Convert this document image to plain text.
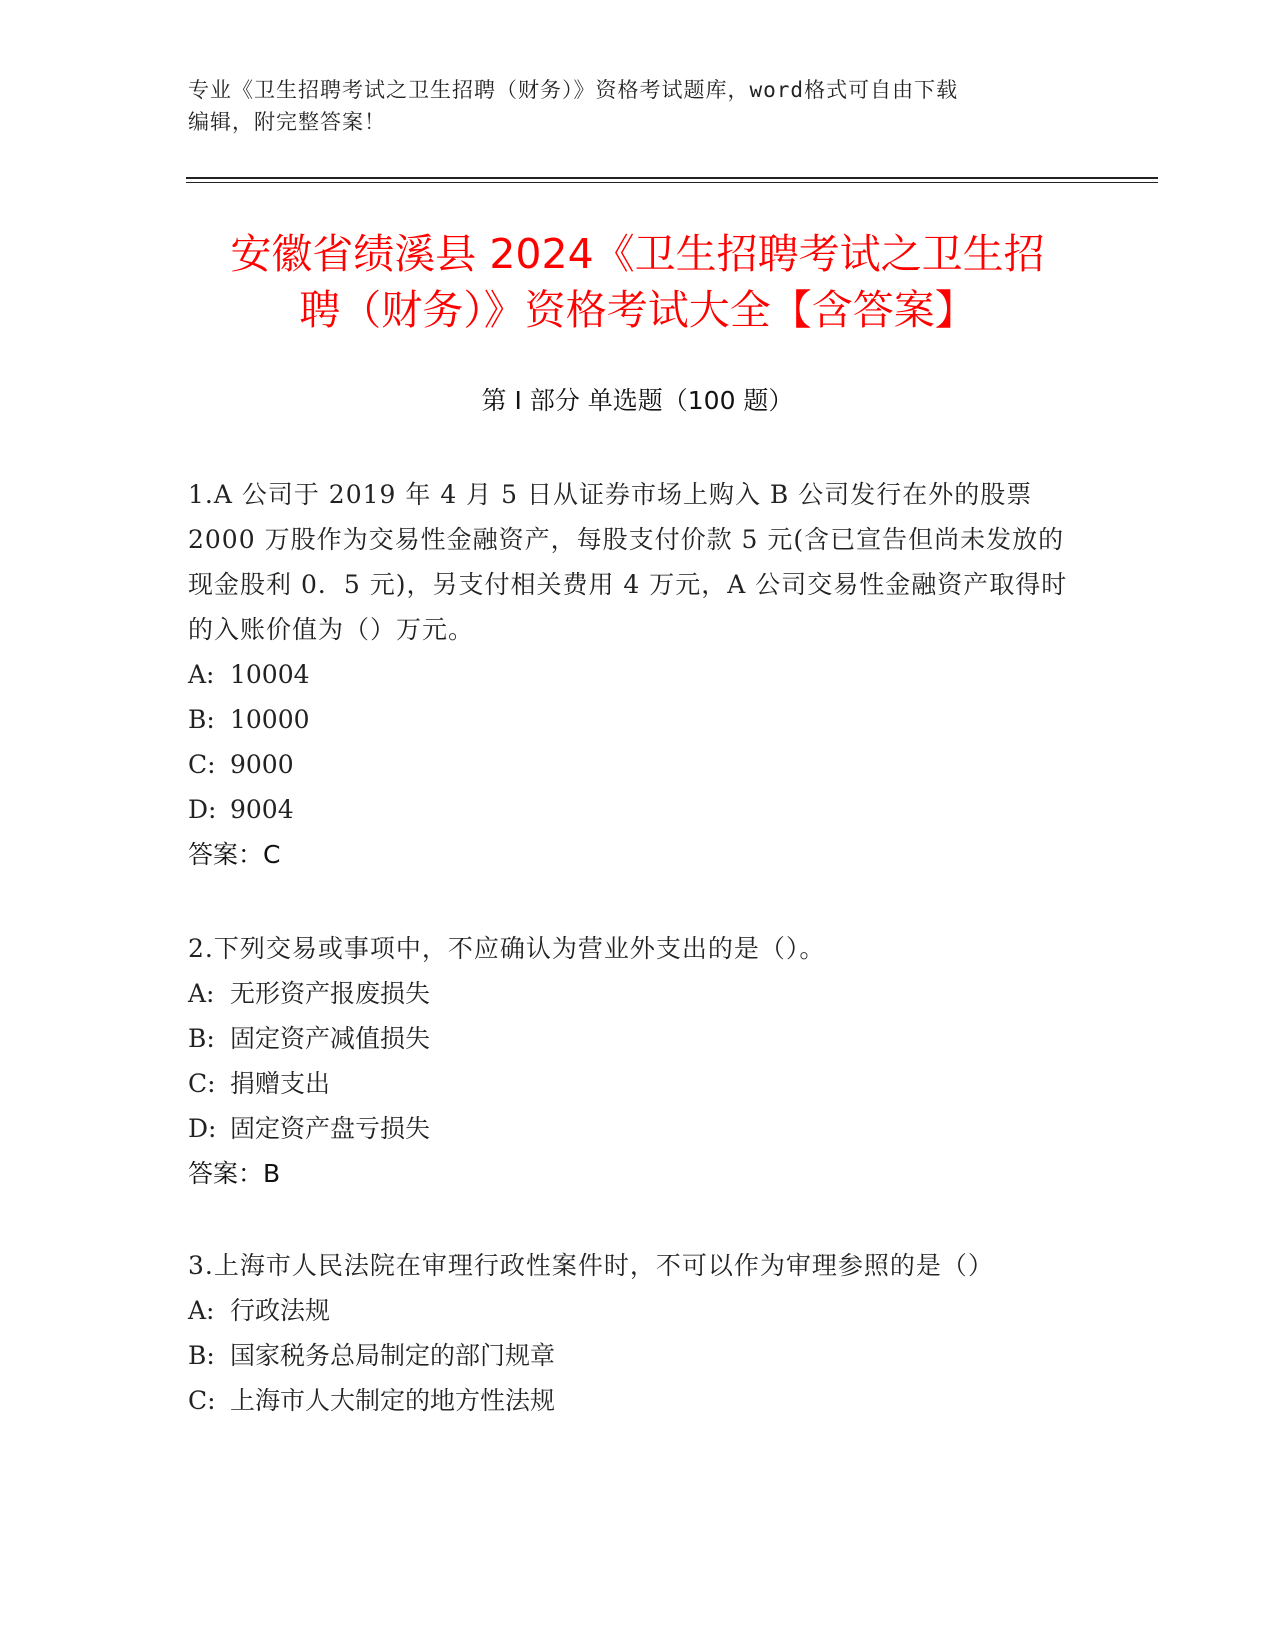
专业《卫生招聘考试之卫生招聘（财务）》资格考试题库，word格式可自由下载
编辑，附完整答案！
安徽省绩溪县 2024《卫生招聘考试之卫生招
聘（财务）》资格考试大全【含答案】
第 I 部分 单选题（100 题）
1.A 公司于 2019 年 4 月 5 日从证券市场上购入 B 公司发行在外的股票 2000 万股作为交易性金融资产，每股支付价款 5 元(含已宣告但尚未发放的现金股利 0．5 元)，另支付相关费用 4 万元，A 公司交易性金融资产取得时的入账价值为（）万元。
A: 10004
B: 10000
C: 9000
D: 9004
答案：C
2.下列交易或事项中，不应确认为营业外支出的是（）。
A: 无形资产报废损失
B: 固定资产减值损失
C: 捐赠支出
D: 固定资产盘亏损失
答案：B
3.上海市人民法院在审理行政性案件时，不可以作为审理参照的是（）
A: 行政法规
B: 国家税务总局制定的部门规章
C: 上海市人大制定的地方性法规
